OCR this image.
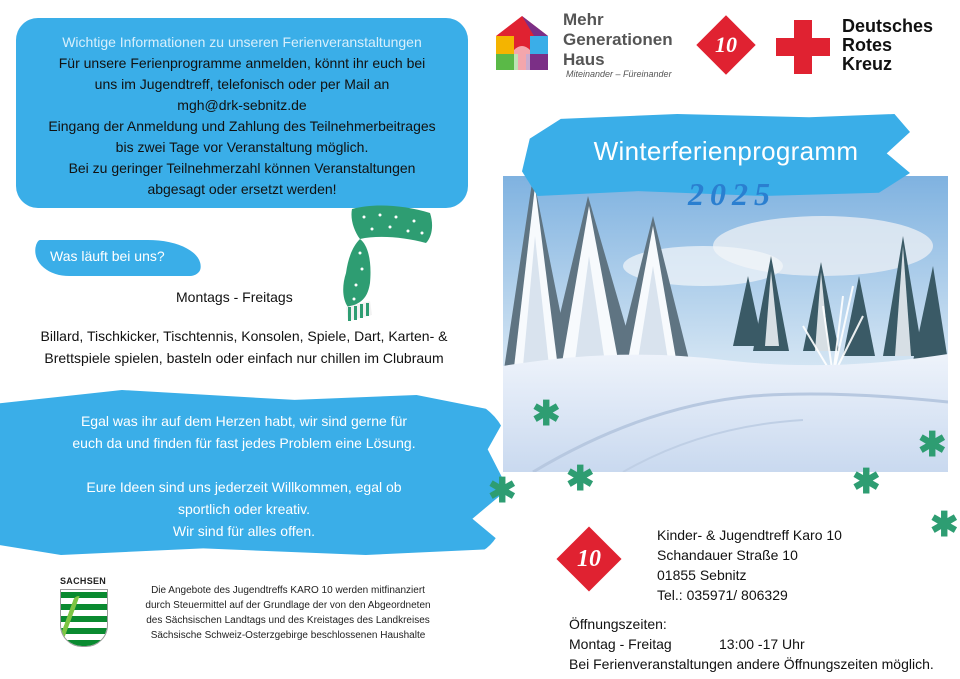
Wichtige Informationen zu unseren Ferienveranstaltungen
Für unsere Ferienprogramme anmelden, könnt ihr euch bei
uns im Jugendtreff, telefonisch oder per Mail an
mgh@drk-sebnitz.de
Eingang der Anmeldung und Zahlung des Teilnehmerbeitrages
bis zwei Tage vor Veranstaltung möglich.
Bei zu geringer Teilnehmerzahl können Veranstaltungen
abgesagt oder ersetzt werden!
Was läuft bei uns?
Montags - Freitags
Billard, Tischkicker, Tischtennis, Konsolen, Spiele, Dart, Karten- &
Brettspiele spielen, basteln oder einfach nur chillen im Clubraum
Egal was ihr auf dem Herzen habt, wir sind gerne für
euch da und finden für fast jedes Problem eine Lösung.
Eure Ideen sind uns jederzeit Willkommen, egal ob
sportlich oder kreativ.
Wir sind für alles offen.
SACHSEN
Die Angebote des Jugendtreffs KARO 10 werden mitfinanziert
durch Steuermittel auf der Grundlage der von den Abgeordneten
des Sächsischen Landtags und des Kreistages des Landkreises
Sächsische Schweiz-Osterzgebirge beschlossenen Haushalte
Mehr
Generationen
Haus
Miteinander – Füreinander
10
Deutsches
Rotes
Kreuz
Winterferienprogramm
2025
✱
✱ ✱	✱
✱
✱
10
Kinder- & Jugendtreff Karo 10
Schandauer Straße 10
01855 Sebnitz
Tel.: 035971/ 806329
Öffnungszeiten:
Montag - Freitag	13:00 -17 Uhr
Bei Ferienveranstaltungen andere Öffnungszeiten möglich.
